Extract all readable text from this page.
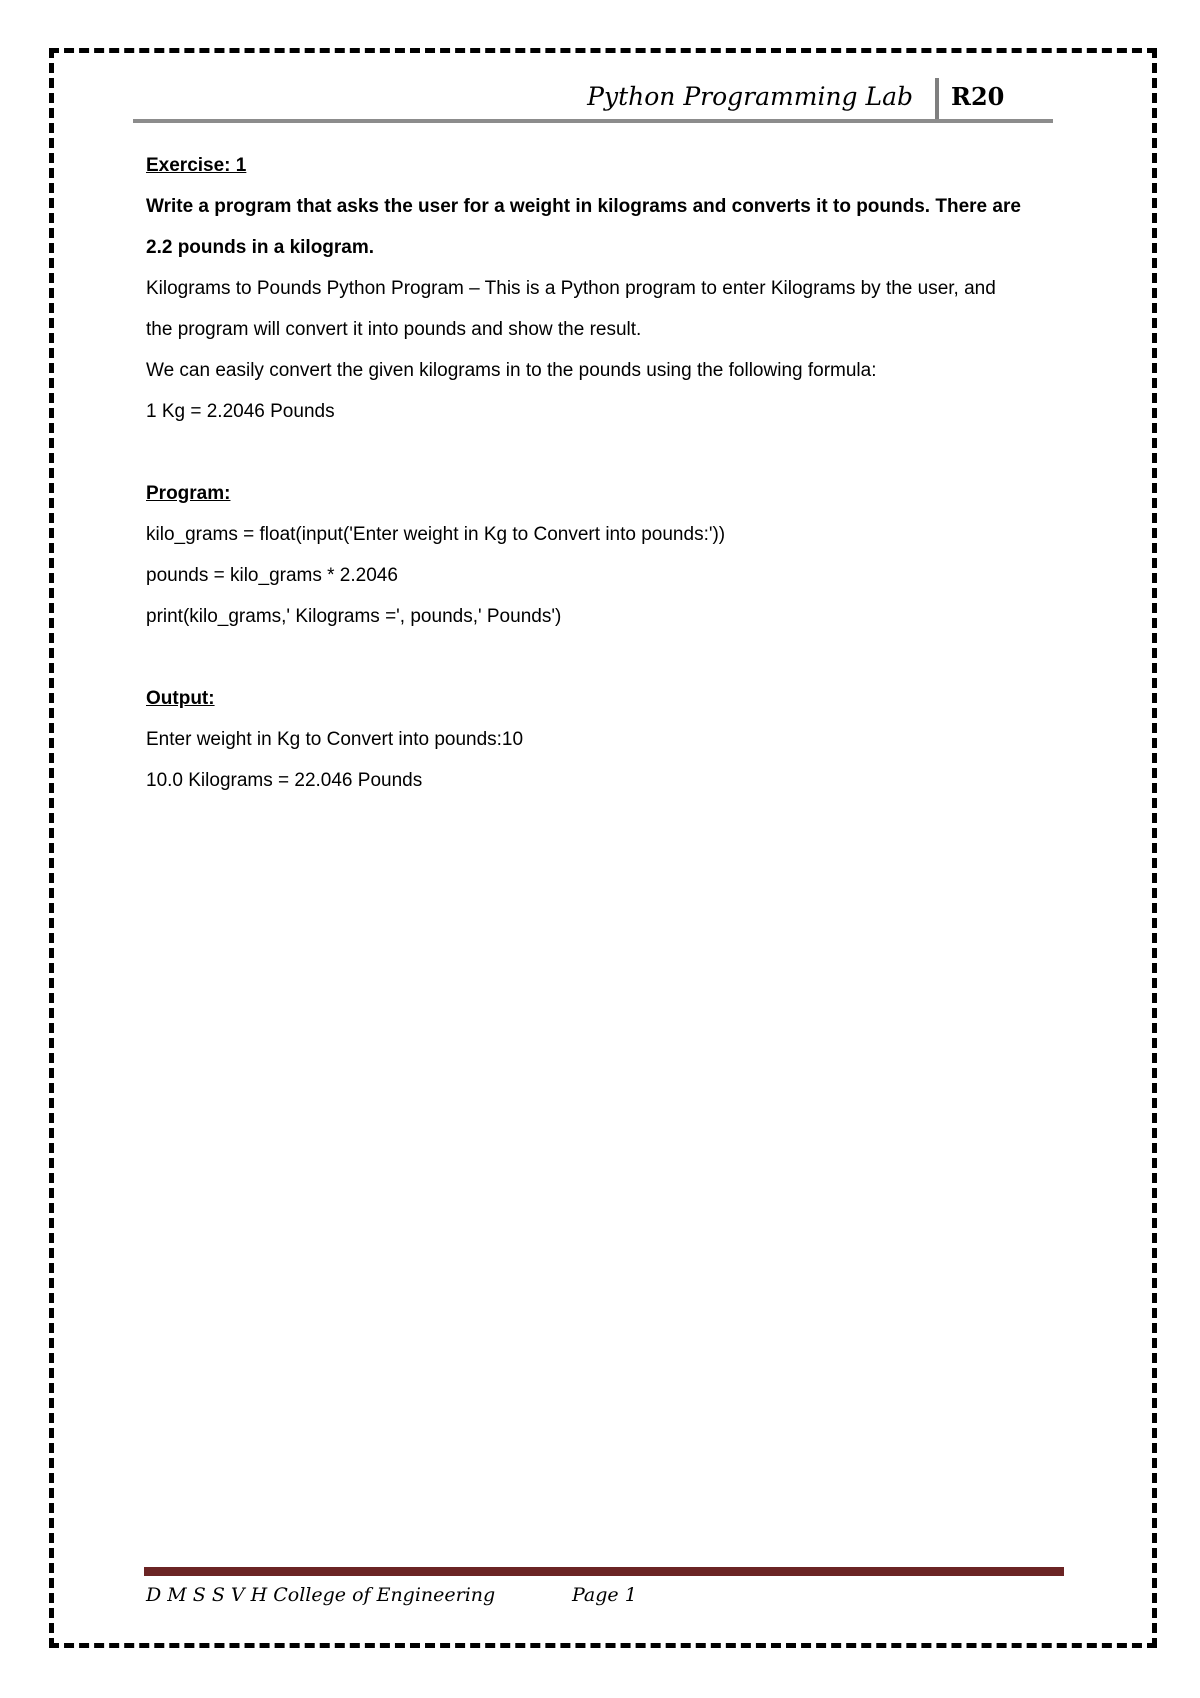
Python Programming Lab R20
Exercise: 1
Write a program that asks the user for a weight in kilograms and converts it to pounds. There are
2.2 pounds in a kilogram.
Kilograms to Pounds Python Program – This is a Python program to enter Kilograms by the user, and
the program will convert it into pounds and show the result.
We can easily convert the given kilograms in to the pounds using the following formula:
1 Kg = 2.2046 Pounds
Program:
kilo_grams = float(input('Enter weight in Kg to Convert into pounds:'))
pounds = kilo_grams * 2.2046
print(kilo_grams,' Kilograms =', pounds,' Pounds')
Output:
Enter weight in Kg to Convert into pounds:10
10.0 Kilograms = 22.046 Pounds
D M S S V H College of Engineering	Page 1
